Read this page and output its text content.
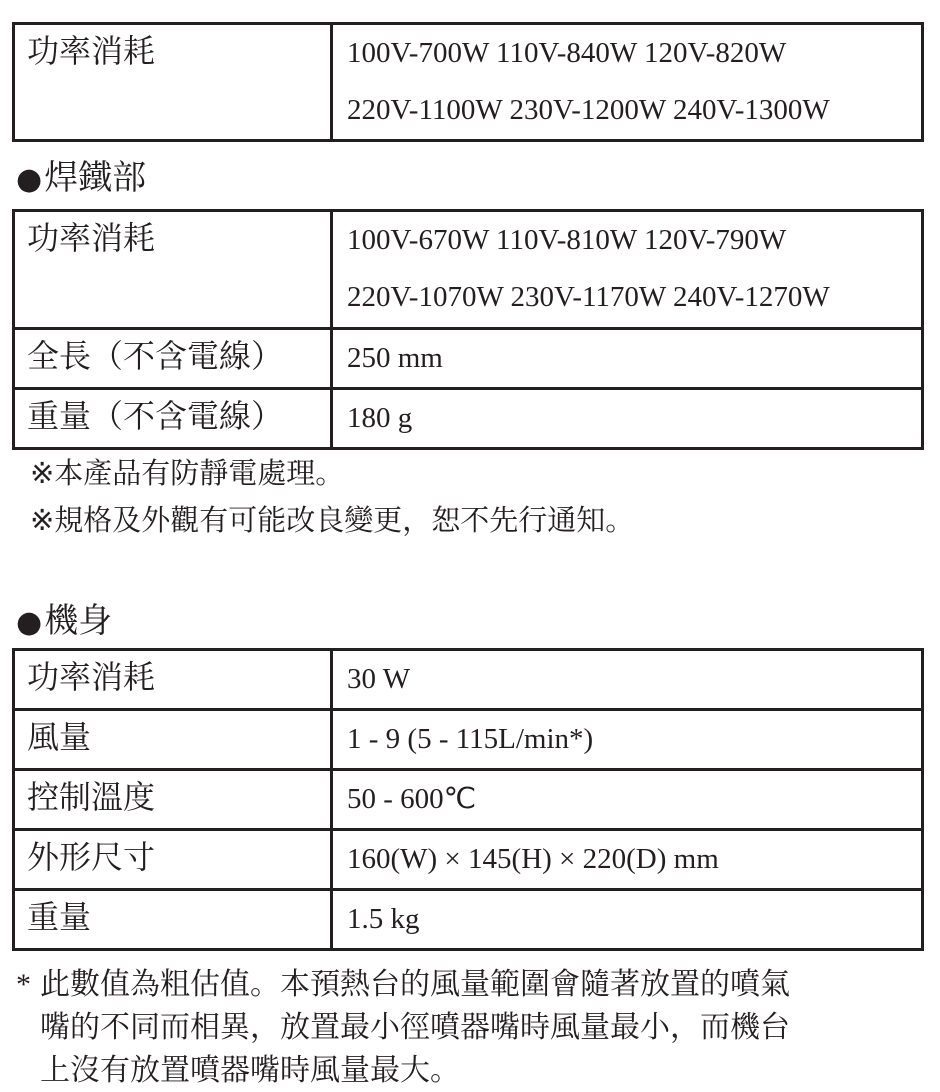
功率消耗	100V-700W 110V-840W 120V-820W
220V-1100W 230V-1200W 240V-1300W
●焊鐵部
功率消耗	100V-670W 110V-810W 120V-790W
220V-1070W 230V-1170W 240V-1270W

全長（不含電線）	250 mm

重量（不含電線）	180 g
※本產品有防靜電處理。
※規格及外觀有可能改良變更，恕不先行通知。
●機身
功率消耗	30 W

風量	1 - 9 (5 - 115L/min*)

控制溫度	50 - 600℃

外形尺寸	160(W) × 145(H) × 220(D) mm

重量	1.5 kg
* 此數值為粗估值。本預熱台的風量範圍會隨著放置的噴氣
嘴的不同而相異，放置最小徑噴器嘴時風量最小，而機台
上沒有放置噴器嘴時風量最大。
